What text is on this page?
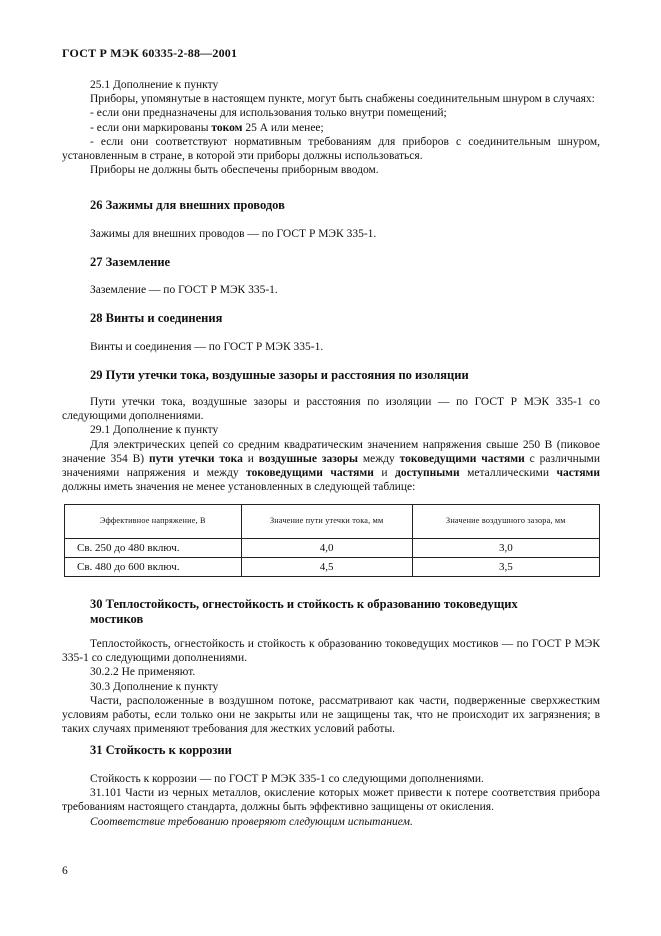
ГОСТ Р МЭК 60335-2-88—2001

25.1 Дополнение к пункту

Приборы, упомянутые в настоящем пункте, могут быть снабжены соединительным шнуром в случаях:

- если они предназначены для использования только внутри помещений;

- если они маркированы током 25 А или менее;

- если они соответствуют нормативным требованиям для приборов с соединительным шнуром, установленным в стране, в которой эти приборы должны использоваться.

Приборы не должны быть обеспечены приборным вводом.

26 Зажимы для внешних проводов

Зажимы для внешних проводов — по ГОСТ Р МЭК 335-1.

27 Заземление

Заземление — по ГОСТ Р МЭК 335-1.

28 Винты и соединения

Винты и соединения — по ГОСТ Р МЭК 335-1.

29 Пути утечки тока, воздушные зазоры и расстояния по изоляции

Пути утечки тока, воздушные зазоры и расстояния по изоляции — по ГОСТ Р МЭК 335-1 со следующими дополнениями.

29.1 Дополнение к пункту

Для электрических цепей со средним квадратическим значением напряжения свыше 250 В (пиковое значение 354 В) пути утечки тока и воздушные зазоры между токоведущими частями с различными значениями напряжения и между токоведущими частями и доступными металлическими частями должны иметь значения не менее установленных в следующей таблице:

Эффективное напряжение, В	Значение пути утечки тока, мм	Значение воздушного зазора, мм
Св. 250 до 480 включ.	4,0	3,0
Св. 480 до 600 включ.	4,5	3,5
30 Теплостойкость, огнестойкость и стойкость к образованию токоведущих
мостиков

Теплостойкость, огнестойкость и стойкость к образованию токоведущих мостиков — по ГОСТ Р МЭК 335-1 со следующими дополнениями.

30.2.2 Не применяют.

30.3 Дополнение к пункту

Части, расположенные в воздушном потоке, рассматривают как части, подверженные сверхжестким условиям работы, если только они не закрыты или не защищены так, что не происходит их загрязнения; в таких случаях применяют требования для жестких условий работы.

31 Стойкость к коррозии

Стойкость к коррозии — по ГОСТ Р МЭК 335-1 со следующими дополнениями.

31.101 Части из черных металлов, окисление которых может привести к потере соответствия прибора требованиям настоящего стандарта, должны быть эффективно защищены от окисления.

Соответствие требованию проверяют следующим испытанием.

6
